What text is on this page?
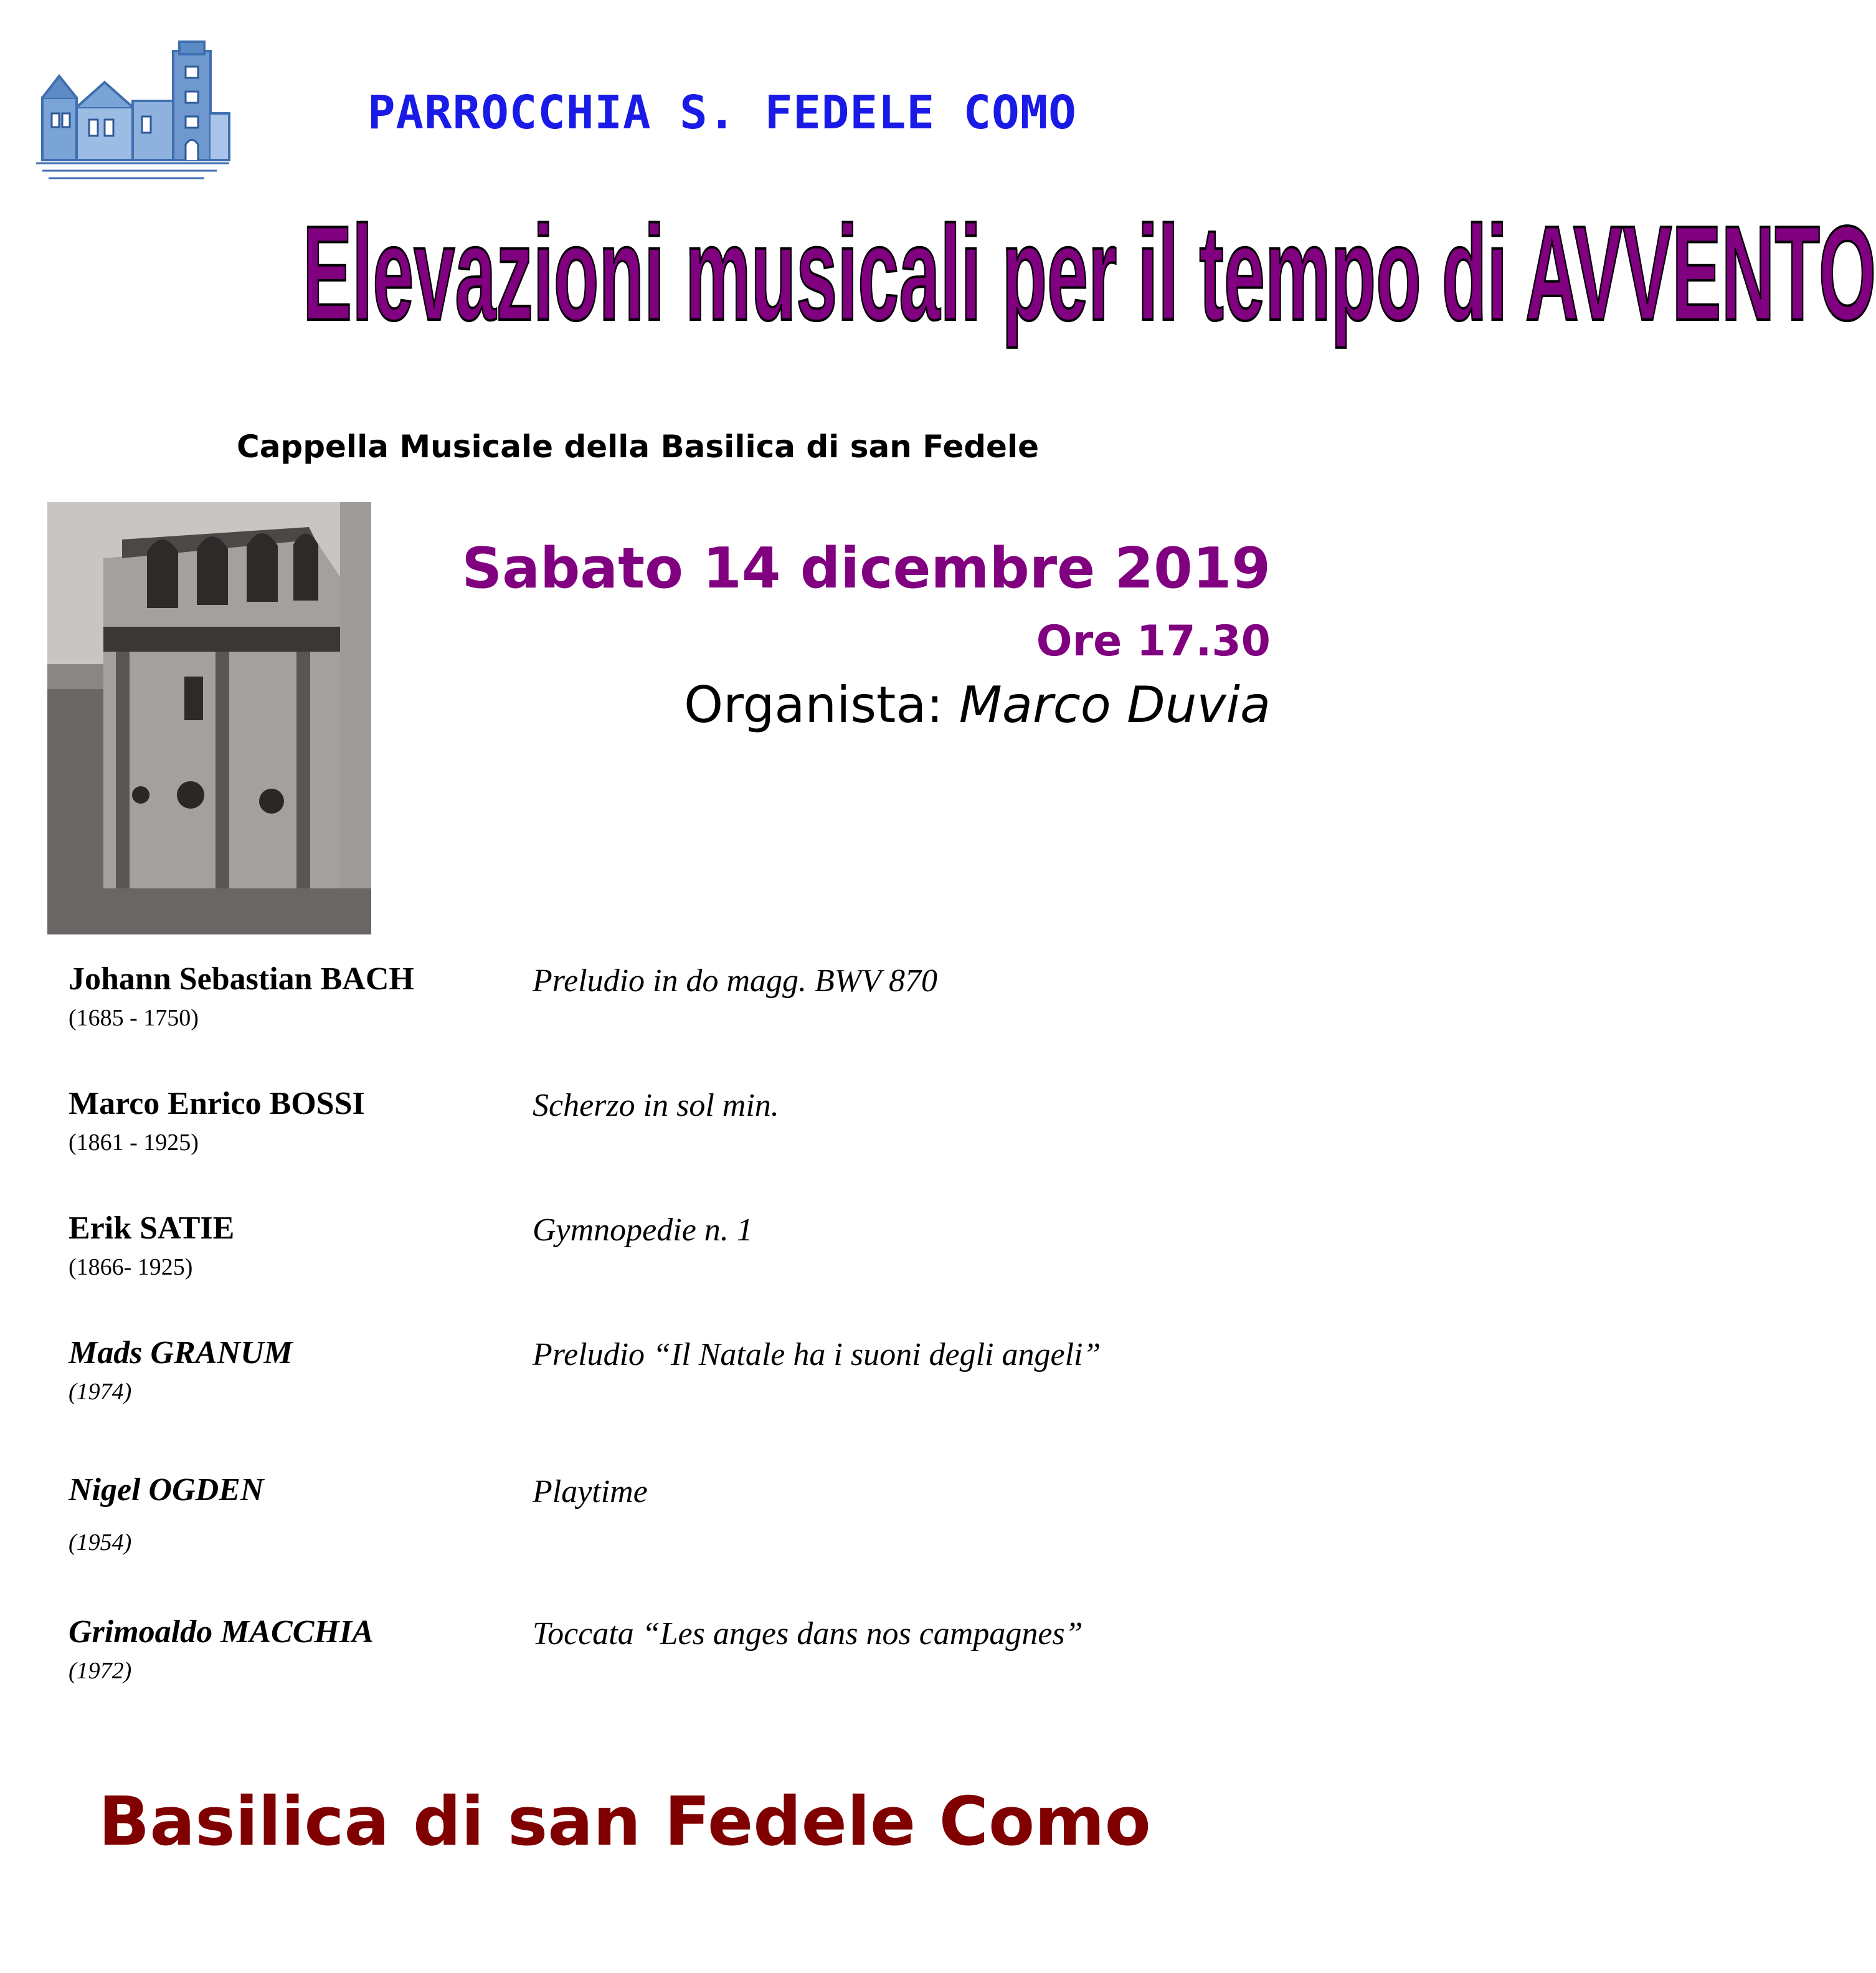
PARROCCHIA S. FEDELE COMO
Elevazioni musicali per il tempo di AVVENTO
Cappella Musicale della Basilica di san Fedele
Sabato 14 dicembre 2019
Ore 17.30
Organista: Marco Duvia
Johann Sebastian BACH
(1685 - 1750)
Preludio in do magg. BWV 870
Marco Enrico BOSSI
(1861 - 1925)
Scherzo in sol min.
Erik SATIE
(1866- 1925)
Gymnopedie n. 1
Mads GRANUM
(1974)
Preludio “Il Natale ha i suoni degli angeli”
Nigel OGDEN
(1954)
Playtime
Grimoaldo MACCHIA
(1972)
Toccata “Les anges dans nos campagnes”
Basilica di san Fedele Como
